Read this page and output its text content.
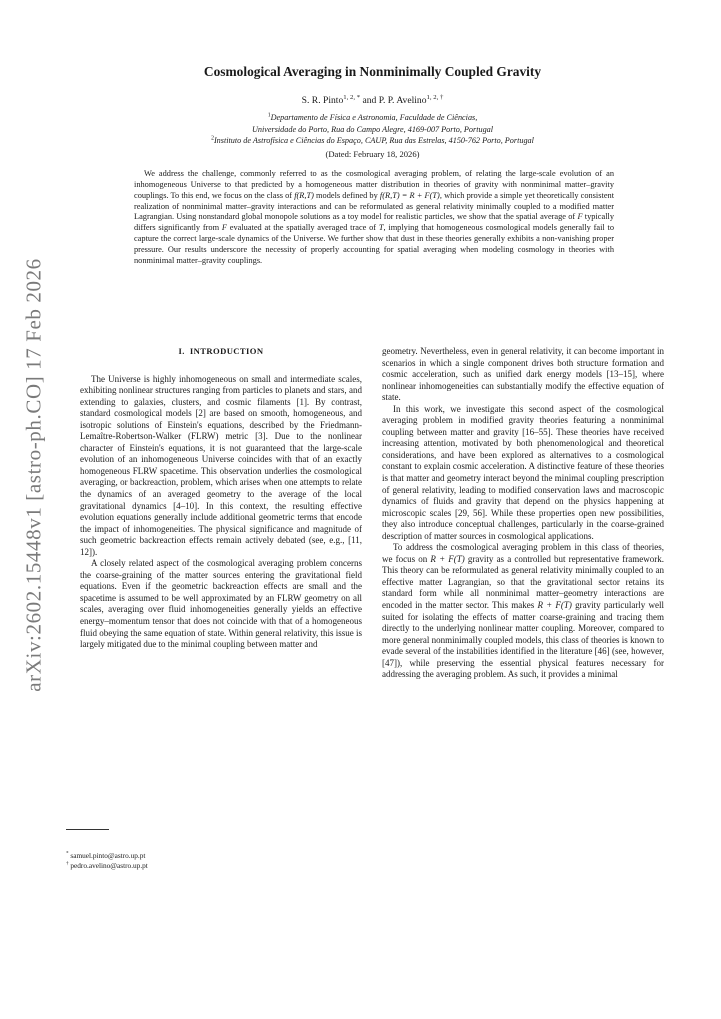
arXiv:2602.15448v1 [astro-ph.CO] 17 Feb 2026
Cosmological Averaging in Nonminimally Coupled Gravity
S. R. Pinto$^{1, 2, *}$ and P. P. Avelino$^{1, 2, \dagger}$
$^1$Departamento de Física e Astronomia, Faculdade de Ciências,
Universidade do Porto, Rua do Campo Alegre, 4169-007 Porto, Portugal
$^2$Instituto de Astrofísica e Ciências do Espaço, CAUP, Rua das Estrelas, 4150-762 Porto, Portugal
(Dated: February 18, 2026)
We address the challenge, commonly referred to as the cosmological averaging problem, of relating the large-scale evolution of an inhomogeneous Universe to that predicted by a homogeneous matter distribution in theories of gravity with nonminimal matter–gravity couplings. To this end, we focus on the class of f(R,T) models defined by f(R,T) = R + F(T), which provide a simple yet theoretically consistent realization of nonminimal matter–gravity interactions and can be reformulated as general relativity minimally coupled to a modified matter Lagrangian. Using nonstandard global monopole solutions as a toy model for realistic particles, we show that the spatial average of F typically differs significantly from F evaluated at the spatially averaged trace of T, implying that homogeneous cosmological models generally fail to capture the correct large-scale dynamics of the Universe. We further show that dust in these theories generally exhibits a non-vanishing proper pressure. Our results underscore the necessity of properly accounting for spatial averaging when modeling cosmology in theories with nonminimal matter–gravity couplings.
I. INTRODUCTION

The Universe is highly inhomogeneous on small and intermediate scales, exhibiting nonlinear structures ranging from particles to planets and stars, and extending to galaxies, clusters, and cosmic filaments [1]. By contrast, standard cosmological models [2] are based on smooth, homogeneous, and isotropic solutions of Einstein's equations, described by the Friedmann-Lemaître-Robertson-Walker (FLRW) metric [3]. Due to the nonlinear character of Einstein's equations, it is not guaranteed that the large-scale evolution of an inhomogeneous Universe coincides with that of an exactly homogeneous FLRW spacetime. This observation underlies the cosmological averaging, or backreaction, problem, which arises when one attempts to relate the dynamics of an averaged geometry to the average of the local gravitational dynamics [4–10]. In this context, the resulting effective evolution equations generally include additional geometric terms that encode the impact of inhomogeneities. The physical significance and magnitude of such geometric backreaction effects remain actively debated (see, e.g., [11, 12]).

A closely related aspect of the cosmological averaging problem concerns the coarse-graining of the matter sources entering the gravitational field equations. Even if the geometric backreaction effects are small and the spacetime is assumed to be well approximated by an FLRW geometry on all scales, averaging over fluid inhomogeneities generally yields an effective energy–momentum tensor that does not coincide with that of a homogeneous fluid obeying the same equation of state. Within general relativity, this issue is largely mitigated due to the minimal coupling between matter and

geometry. Nevertheless, even in general relativity, it can become important in scenarios in which a single component drives both structure formation and cosmic acceleration, such as unified dark energy models [13–15], where nonlinear inhomogeneities can substantially modify the effective equation of state.

In this work, we investigate this second aspect of the cosmological averaging problem in modified gravity theories featuring a nonminimal coupling between matter and gravity [16–55]. These theories have received increasing attention, motivated by both phenomenological and theoretical considerations, and have been explored as alternatives to a cosmological constant to explain cosmic acceleration. A distinctive feature of these theories is that matter and geometry interact beyond the minimal coupling prescription of general relativity, leading to modified conservation laws and macroscopic dynamics of fluids and gravity that depend on the physics happening at microscopic scales [29, 56]. While these properties open new possibilities, they also introduce conceptual challenges, particularly in the coarse-grained description of matter sources in cosmological applications.

To address the cosmological averaging problem in this class of theories, we focus on R + F(T) gravity as a controlled but representative framework. This theory can be reformulated as general relativity minimally coupled to an effective matter Lagrangian, so that the gravitational sector retains its standard form while all nonminimal matter–geometry interactions are encoded in the matter sector. This makes R + F(T) gravity particularly well suited for isolating the effects of matter coarse-graining and tracing them directly to the underlying nonlinear matter coupling. Moreover, compared to more general nonminimally coupled models, this class of theories is known to evade several of the instabilities identified in the literature [46] (see, however, [47]), while preserving the essential physical features necessary for addressing the averaging problem. As such, it provides a minimal

* samuel.pinto@astro.up.pt
† pedro.avelino@astro.up.pt
